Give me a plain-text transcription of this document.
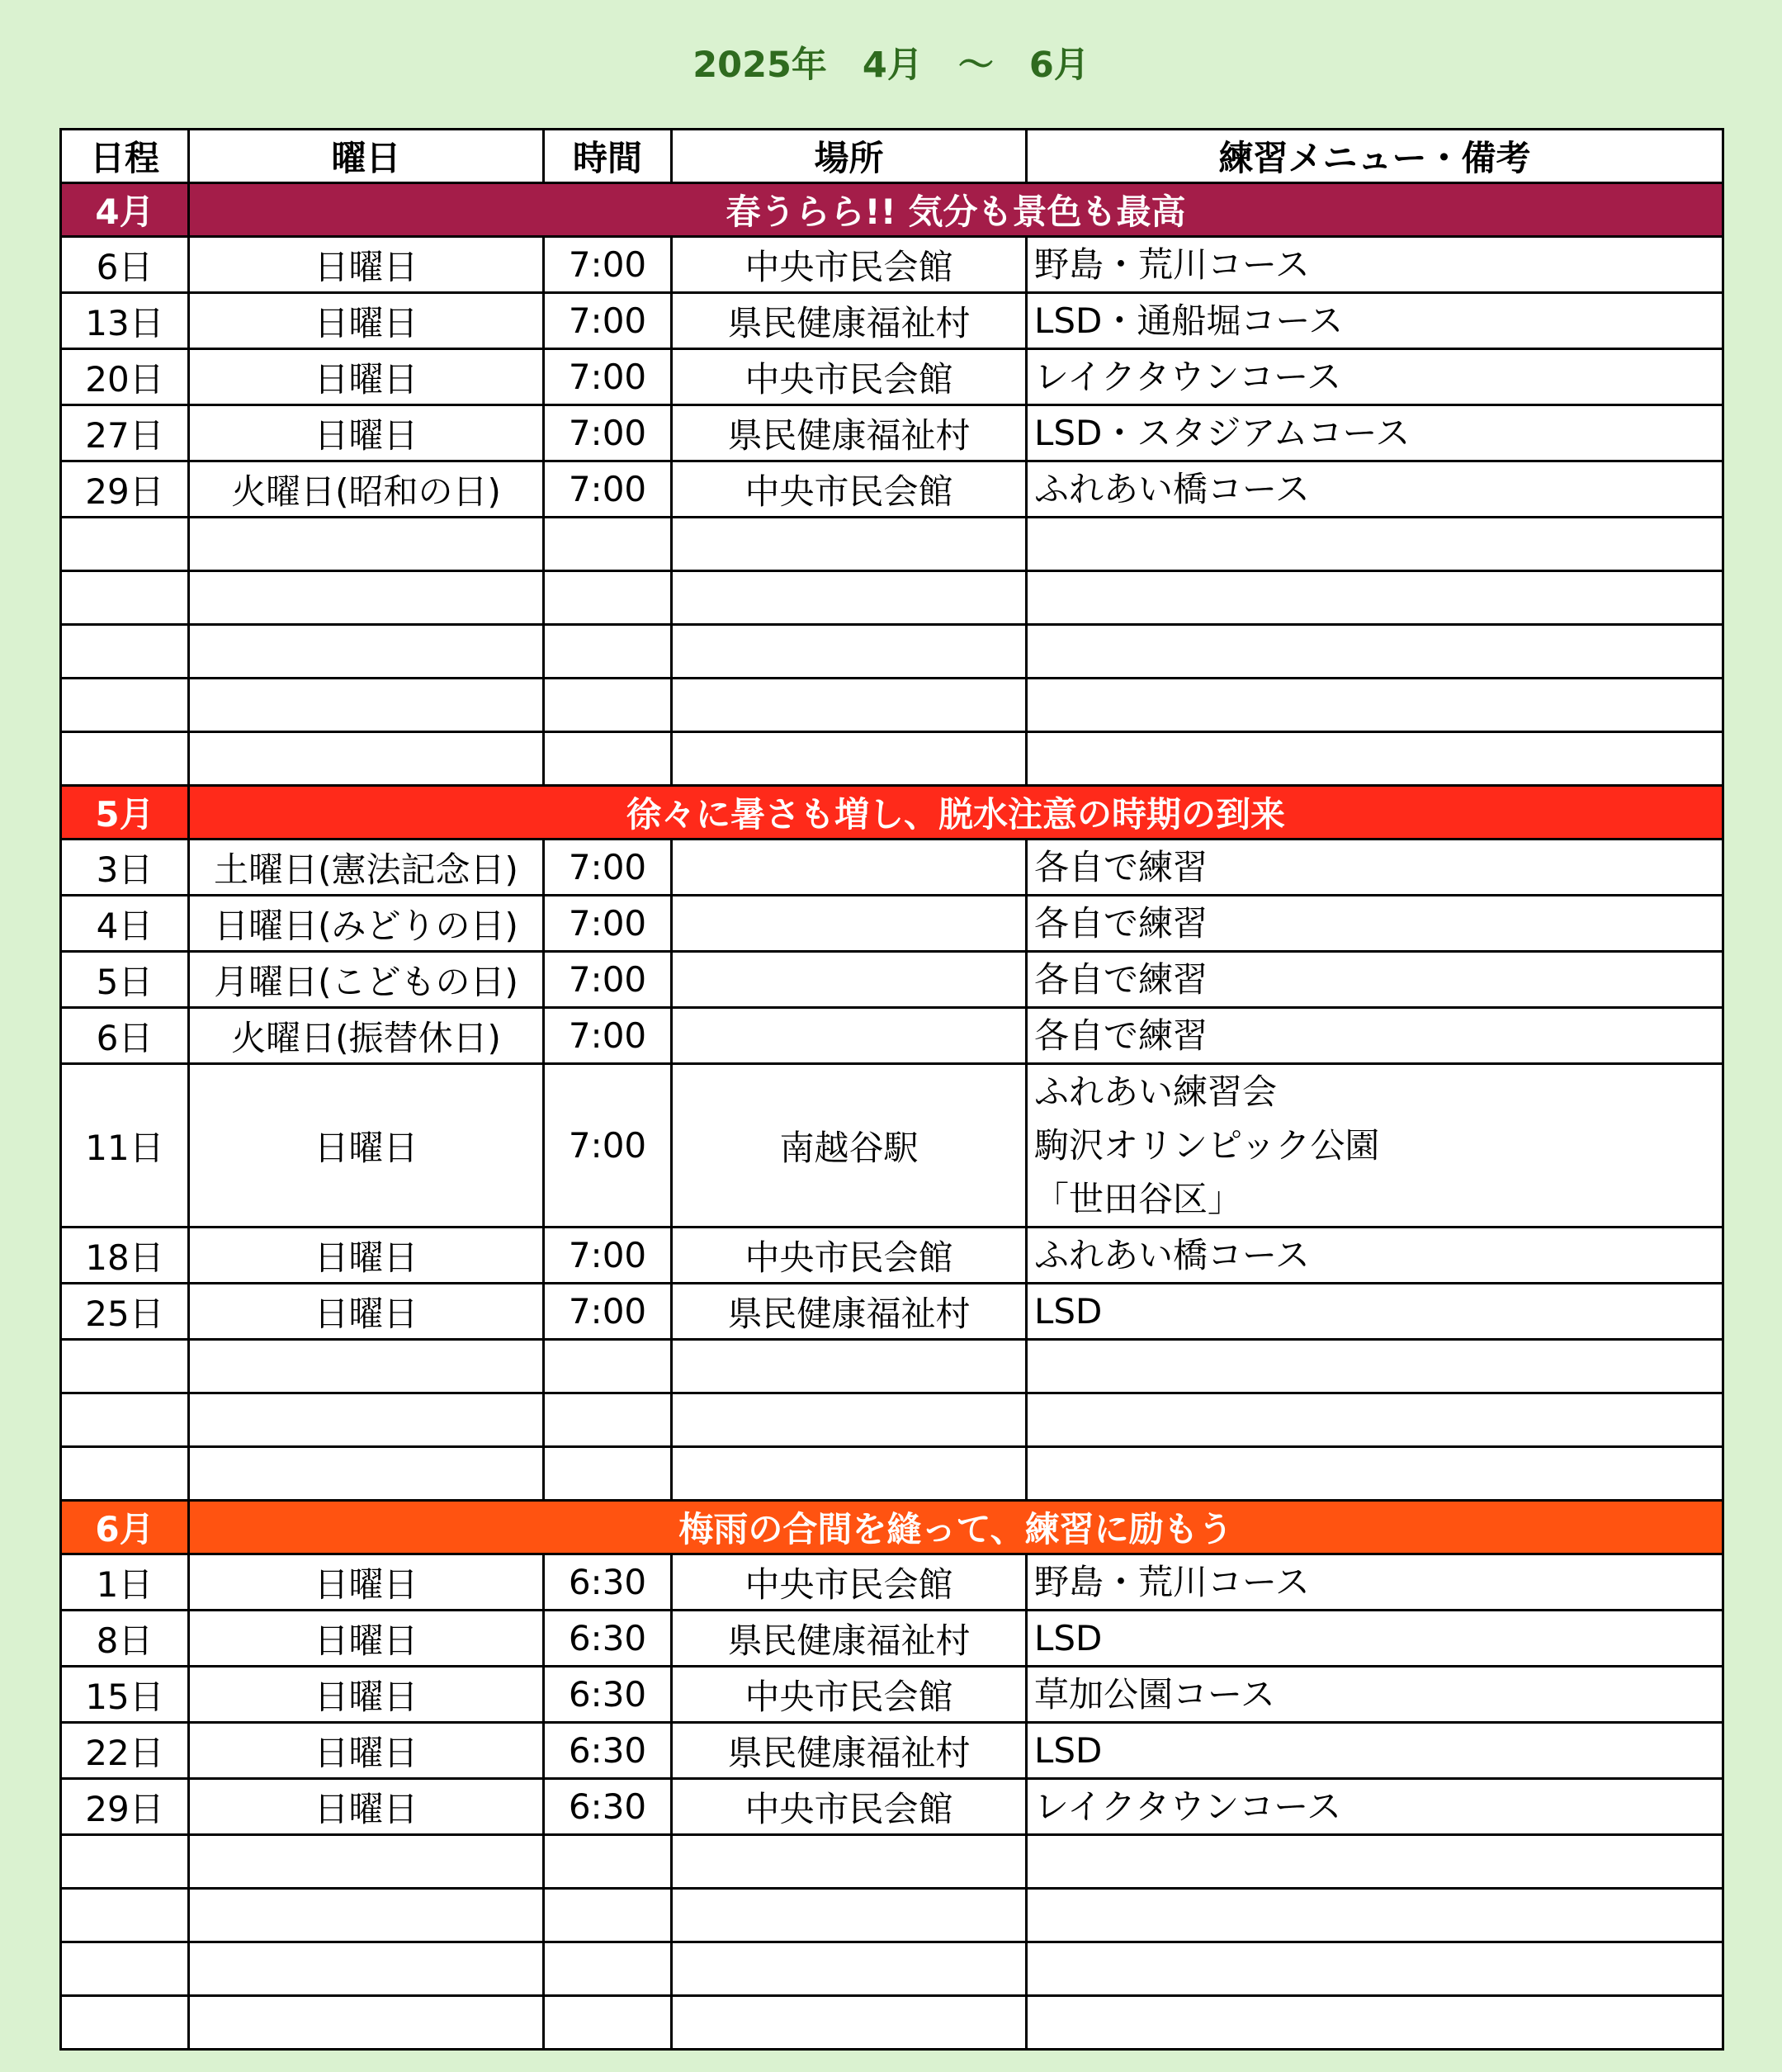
2025年　4月　～　6月
日程	曜日	時間	場所	練習メニュー・備考
4月	春うらら!! 気分も景色も最高			
6日	日曜日	7:00	中央市民会館	野島・荒川コース

13日	日曜日	7:00	県民健康福祉村	LSD・通船堀コース

20日	日曜日	7:00	中央市民会館	レイクタウンコース

27日	日曜日	7:00	県民健康福祉村	LSD・スタジアムコース

29日	火曜日(昭和の日)	7:00	中央市民会館	ふれあい橋コース

5月	徐々に暑さも増し、脱水注意の時期の到来			
3日	土曜日(憲法記念日)	7:00		各自で練習

4日	日曜日(みどりの日)	7:00		各自で練習

5日	月曜日(こどもの日)	7:00		各自で練習

6日	火曜日(振替休日)	7:00		各自で練習

11日	日曜日	7:00	南越谷駅	ふれあい練習会
駒沢オリンピック公園
「世田谷区」

18日	日曜日	7:00	中央市民会館	ふれあい橋コース

25日	日曜日	7:00	県民健康福祉村	LSD

6月	梅雨の合間を縫って、練習に励もう			
1日	日曜日	6:30	中央市民会館	野島・荒川コース

8日	日曜日	6:30	県民健康福祉村	LSD

15日	日曜日	6:30	中央市民会館	草加公園コース

22日	日曜日	6:30	県民健康福祉村	LSD

29日	日曜日	6:30	中央市民会館	レイクタウンコース
